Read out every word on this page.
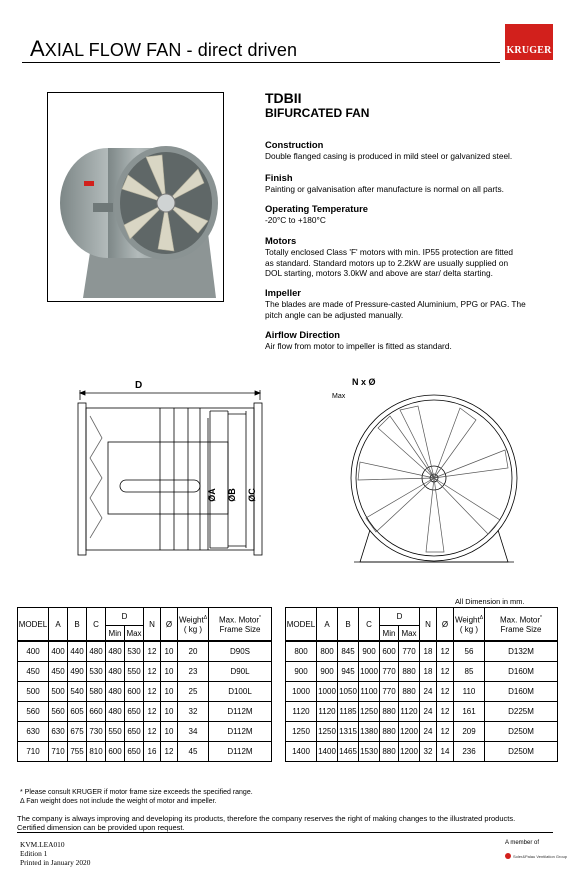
AXIAL FLOW FAN - direct driven	KRUGER
TDBII
BIFURCATED FAN
Construction
Double flanged casing is produced in mild steel or galvanized steel.
Finish
Painting or galvanisation after manufacture is normal on all parts.
Operating Temperature
-20°C to +180°C
Motors
Totally enclosed Class 'F' motors with min. IP55 protection are fitted
as standard. Standard motors up to 2.2kW are usually supplied on
DOL starting, motors 3.0kW and above are star/ delta starting.
Impeller
The blades are made of Pressure-casted Aluminium, PPG or PAG. The
pitch angle can be adjusted manually.
Airflow Direction
Air flow from motor to impeller is fitted as standard.
D
ØA ØB ØC
N x Ø
Max
All Dimension in mm.
MODEL	A	B	C	D		N	Ø	Weight$^\Delta$
( kg )	Max. Motor*
Frame Size
				Min	Max				
400	400	440	480	480	530	12	10	20	D90S
450	450	490	530	480	550	12	10	23	D90L
500	500	540	580	480	600	12	10	25	D100L
560	560	605	660	480	650	12	10	32	D112M
630	630	675	730	550	650	12	10	34	D112M
710	710	755	810	600	650	16	12	45	D112M
MODEL	A	B	C	D		N	Ø	Weight$^\Delta$
( kg )	Max. Motor*
Frame Size
				Min	Max				
800	800	845	900	600	770	18	12	56	D132M
900	900	945	1000	770	880	18	12	85	D160M
1000	1000	1050	1100	770	880	24	12	110	D160M
1120	1120	1185	1250	880	1120	24	12	161	D225M
1250	1250	1315	1380	880	1200	24	12	209	D250M
1400	1400	1465	1530	880	1200	32	14	236	D250M
* Please consult KRUGER if motor frame size exceeds the specified range.
Δ Fan weight does not include the weight of motor and impeller.
The company is always improving and developing its products, therefore the company reserves the right of making changes to the illustrated products.
Certified dimension can be provided upon request.
KVM.LEA010
Edition 1
Printed in January 2020
A member of
Soler&Palau Ventilation Group
